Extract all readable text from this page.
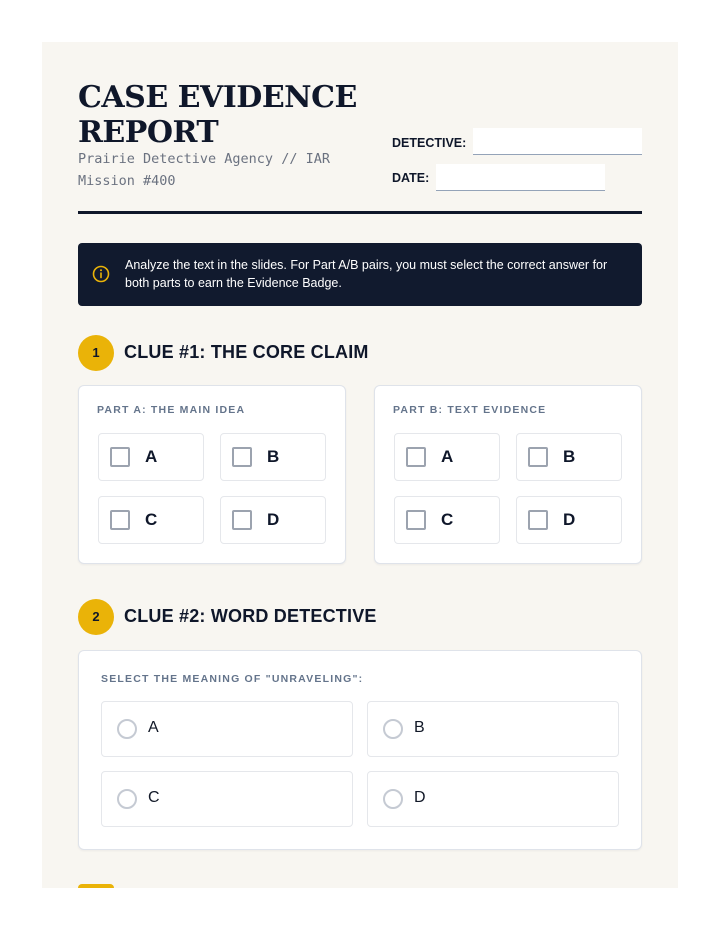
CASE EVIDENCE REPORT
Prairie Detective Agency // IAR Mission #400
DETECTIVE:
DATE:
Analyze the text in the slides. For Part A/B pairs, you must select the correct answer for both parts to earn the Evidence Badge.
1	CLUE #1: THE CORE CLAIM
PART A: THE MAIN IDEA
A	B
C	D
PART B: TEXT EVIDENCE
A	B
C	D
2	CLUE #2: WORD DETECTIVE
SELECT THE MEANING OF "UNRAVELING":
A	B
C	D
